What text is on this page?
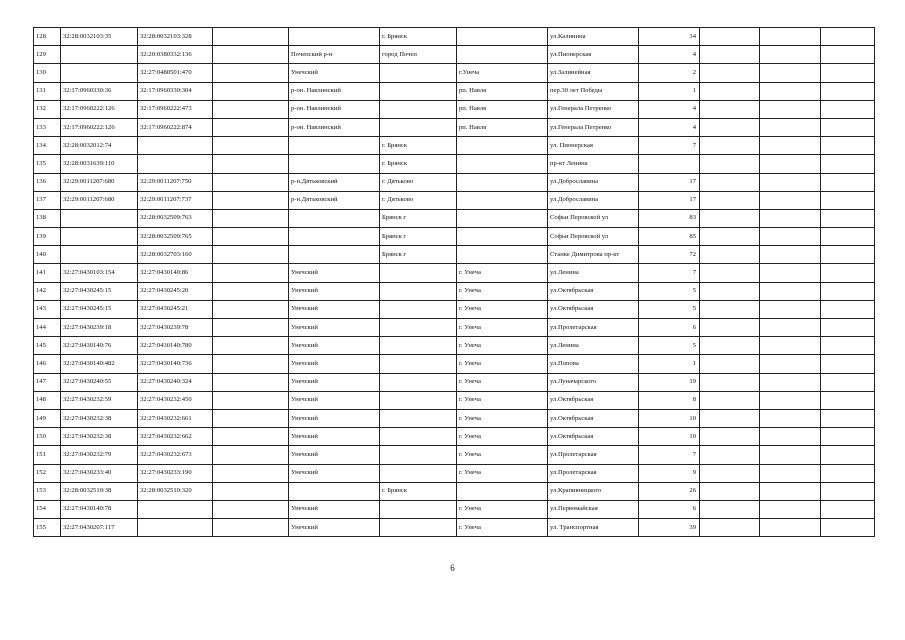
128	32:28:0032103:35	32:28:0032103:328			г. Брянск		ул.Калинина	34			
129		32:20:0380332:136		Почепский р-н	город Почеп		ул.Пионерская	4			
130		32:27:0480501:470		Унечский		г.Унеча	ул.Залинейная	2			
131	32:17:0960330:36	32:17:0960330:304		р-он. Навлинский		рп. Навля	пер.30 лет Победы	1			
132	32:17:0960222:126	32:17:0960222:473		р-он. Навлинский		рп. Навля	ул.Генерала Петренко	4			
133	32:17:0960222:126	32:17:0960222:874		р-он. Навлинский		рп. Навля	ул.Генерала Петренко	4			
134	32:28:0032012:74				г. Брянск		ул. Пионерская	7			
135	32:28:0031639:110				г. Брянск		пр-кт Ленина				
136	32:29:0011207:680	32:29:0011207:750		р-н.Дятьковский	г. Дятьково		ул.Доброславина	17			
137	32:29:0011207:680	32:29:0011207:737		р-н.Дятьковский	г. Дятьково		ул.Доброславина	17			
138		32:28:0032509:763			Брянск г		Софьи Перовской ул	83			
139		32:28:0032509:765			Брянск г		Софьи Перовской ул	85			
140		32:28:0032703:160			Брянск г		Станке Димитрова пр-кт	72			
141	32:27:0430103:154	32:27:0430140:86		Унечский		г. Унеча	ул.Ленина	7			
142	32:27:0430245:15	32:27:0430245:20		Унечский		г. Унеча	ул.Октябрьская	5			
143	32:27:0430245:15	32:27:0430245:21		Унечский		г. Унеча	ул.Октябрьская	5			
144	32:27:0430239:18	32:27:0430239:78		Унечский		г. Унеча	ул.Пролетарская	6			
145	32:27:0430140:76	32:27:0430140:780		Унечский		г. Унеча	ул.Ленина	5			
146	32:27:0430140:482	32:27:0430140:736		Унечский		г. Унеча	ул.Попова	1			
147	32:27:0430240:55	32:27:0430240:324		Унечский		г. Унеча	ул.Луначарского	19			
148	32:27:0430232:59	32:27:0430232:450		Унечский		г. Унеча	ул.Октябрьская	8			
149	32:27:0430232:38	32:27:0430232:661		Унечский		г. Унеча	ул.Октябрьская	10			
150	32:27:0430232:38	32:27:0430232:662		Унечский		г. Унеча	ул.Октябрьская	10			
151	32:27:0430232:79	32:27:0430232:673		Унечский		г. Унеча	ул.Пролетарская	7			
152	32:27:0430233:40	32:27:0430233:190		Унечский		г. Унеча	ул.Пролетарская	9			
153	32:28:0032510:38	32:28:0032510:320			г. Брянск		ул.Крапивницкого	26			
154	32:27:0430140:78			Унечский		г. Унеча	ул.Первомайская	6			
155	32:27:0430207:117			Унечский		г. Унеча	ул. Транспортная	39			
6
